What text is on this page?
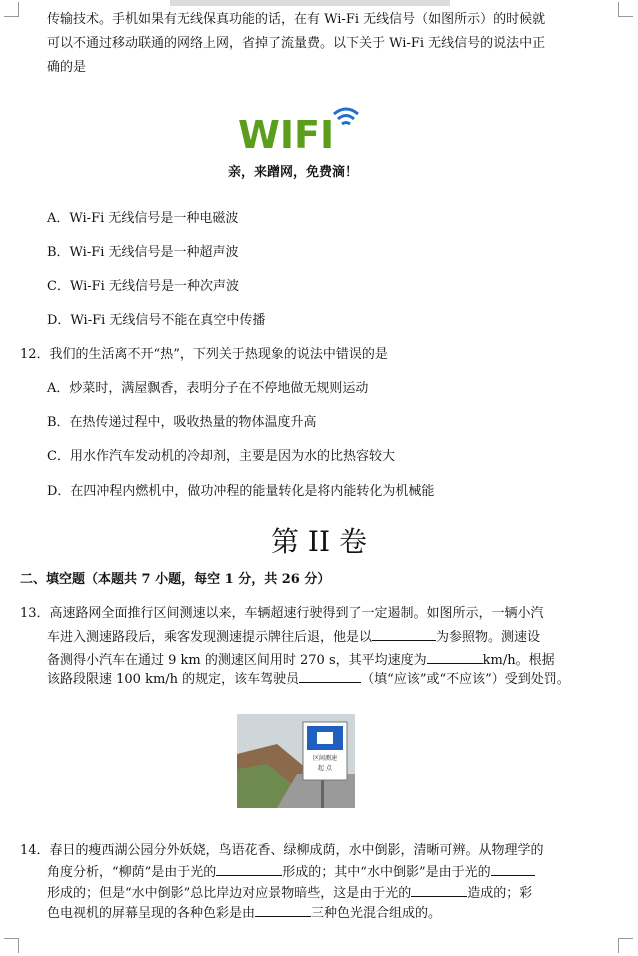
传输技术。手机如果有无线保真功能的话，在有 Wi-Fi 无线信号（如图所示）的时候就
可以不通过移动联通的网络上网，省掉了流量费。以下关于 Wi-Fi 无线信号的说法中正
确的是
WIFI
亲，来蹭网，免费滴！
A．Wi-Fi 无线信号是一种电磁波
B．Wi-Fi 无线信号是一种超声波
C．Wi-Fi 无线信号是一种次声波
D．Wi-Fi 无线信号不能在真空中传播
12．我们的生活离不开“热”，下列关于热现象的说法中错误的是
A．炒菜时，满屋飘香，表明分子在不停地做无规则运动
B．在热传递过程中，吸收热量的物体温度升高
C．用水作汽车发动机的冷却剂，主要是因为水的比热容较大
D．在四冲程内燃机中，做功冲程的能量转化是将内能转化为机械能
第 II 卷
二、填空题（本题共 7 小题，每空 1 分，共 26 分）
13．高速路网全面推行区间测速以来，车辆超速行驶得到了一定遏制。如图所示，一辆小汽
车进入测速路段后，乘客发现测速提示牌往后退，他是以	为参照物。测速设
备测得小汽车在通过 9 km 的测速区间用时 270 s，其平均速度为	km/h。根据
该路段限速 100 km/h 的规定，该车驾驶员	（填“应该”或“不应该”）受到处罚。
区间测速
起 点
14．春日的瘦西湖公园分外妖娆，鸟语花香、绿柳成荫，水中倒影，清晰可辨。从物理学的
角度分析，“柳荫”是由于光的	形成的；其中“水中倒影”是由于光的
形成的；但是“水中倒影”总比岸边对应景物暗些，这是由于光的	造成的；彩
色电视机的屏幕呈现的各种色彩是由	三种色光混合组成的。
